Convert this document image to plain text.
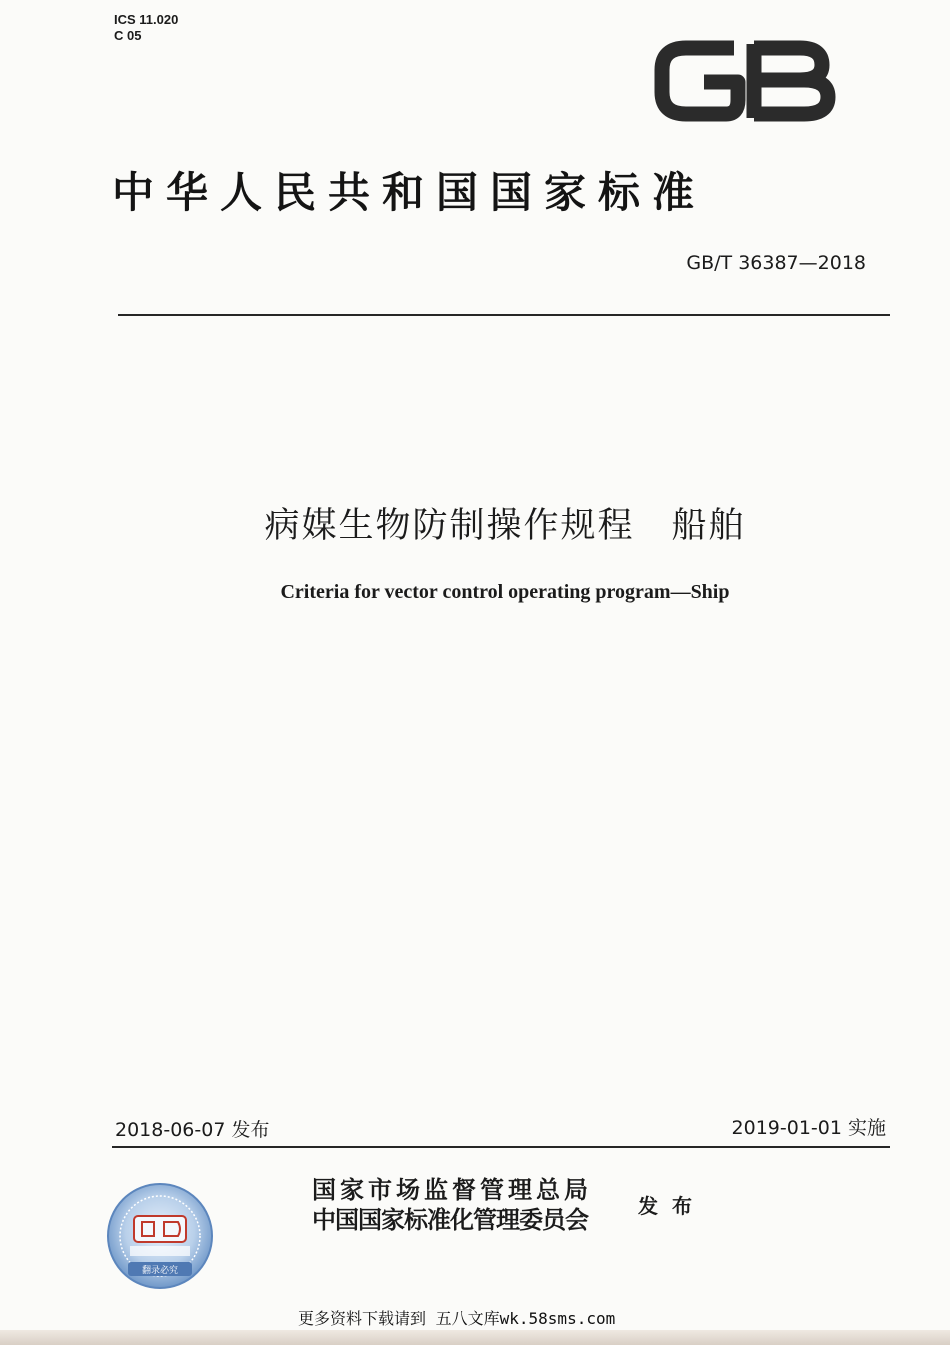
ICS 11.020
C 05
GB
中华人民共和国国家标准
GB/T 36387—2018
病媒生物防制操作规程　船舶
Criteria for vector control operating program—Ship
2018-06-07 发布	2019-01-01 实施
翻录必究
国家市场监督管理总局
中国国家标准化管理委员会	发布
更多资料下载请到 五八文库wk.58sms.com
